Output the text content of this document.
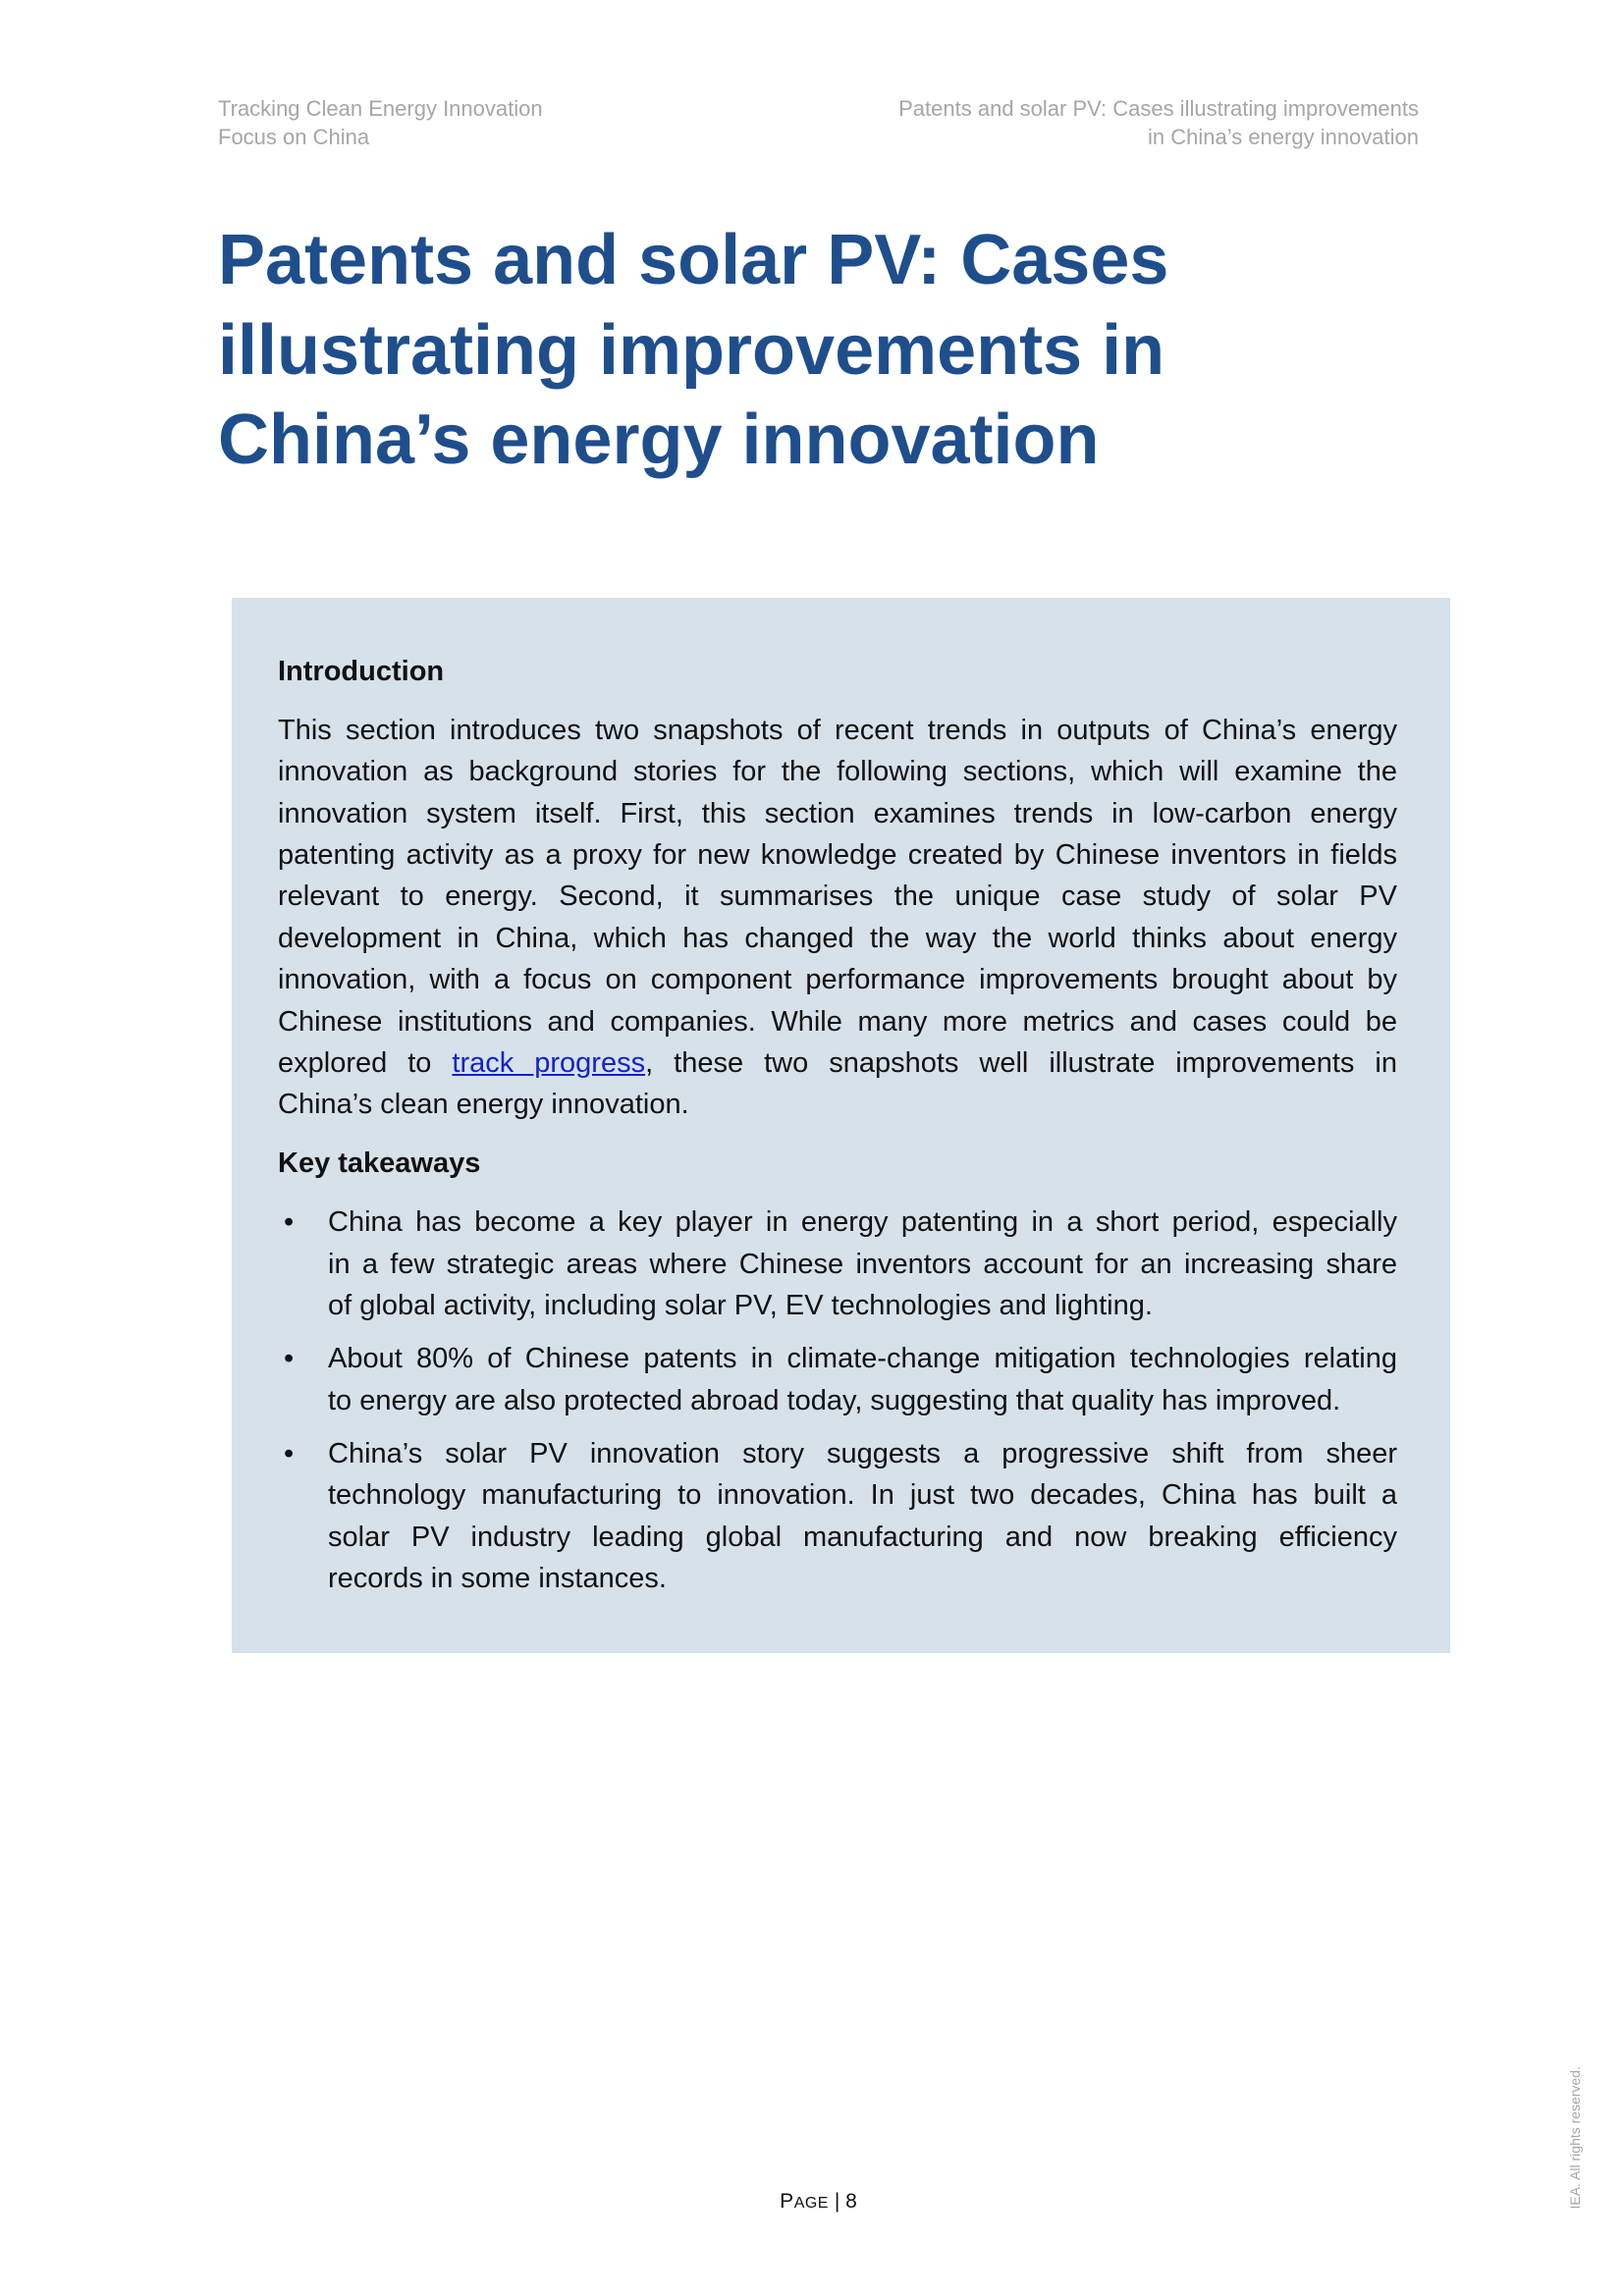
Tracking Clean Energy Innovation
Focus on China
Patents and solar PV: Cases illustrating improvements
in China’s energy innovation
Patents and solar PV: Cases illustrating improvements in China’s energy innovation
Introduction
This section introduces two snapshots of recent trends in outputs of China’s energy
innovation as background stories for the following sections, which will examine the
innovation system itself. First, this section examines trends in low-carbon energy
patenting activity as a proxy for new knowledge created by Chinese inventors in fields
relevant to energy. Second, it summarises the unique case study of solar PV
development in China, which has changed the way the world thinks about energy
innovation, with a focus on component performance improvements brought about by
Chinese institutions and companies. While many more metrics and cases could be
explored to track progress, these two snapshots well illustrate improvements in
China’s clean energy innovation.
Key takeaways
•	China has become a key player in energy patenting in a short period, especially
in a few strategic areas where Chinese inventors account for an increasing share
of global activity, including solar PV, EV technologies and lighting.
•	About 80% of Chinese patents in climate-change mitigation technologies relating
to energy are also protected abroad today, suggesting that quality has improved.
•	China’s solar PV innovation story suggests a progressive shift from sheer
technology manufacturing to innovation. In just two decades, China has built a
solar PV industry leading global manufacturing and now breaking efficiency
records in some instances.
PAGE | 8	IEA. All rights reserved.
